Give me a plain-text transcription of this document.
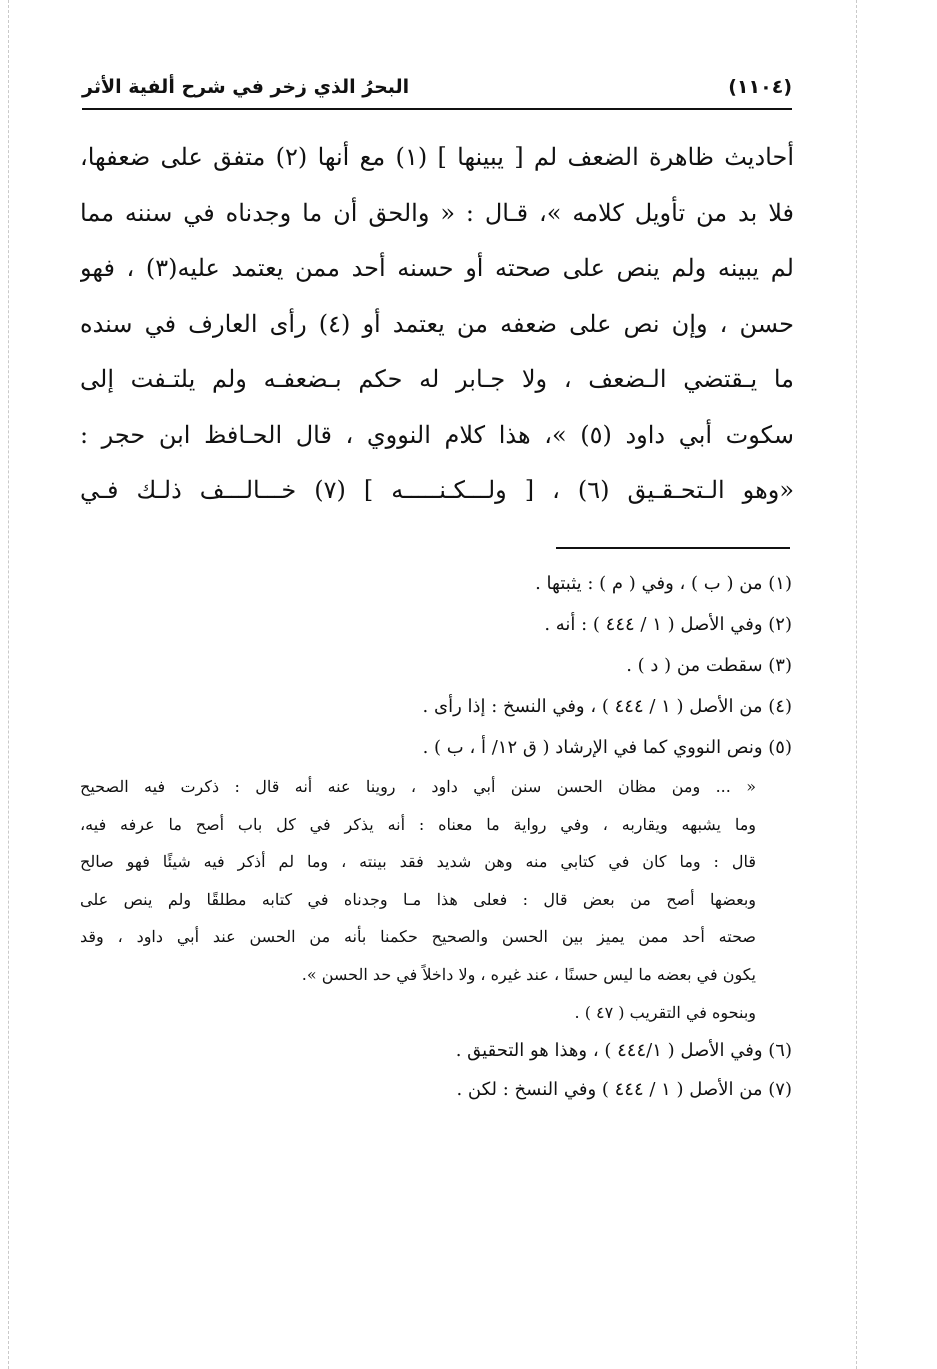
البحرُ الذي زخر في شرح ألفية الأثر	(١١٠٤)
أحاديث ظاهرة الضعف لم [ يبينها ] (١) مع أنها (٢) متفق على ضعفها،
فلا بد من تأويل كلامه »، قـال : « والحق أن ما وجدناه في سننه مما
لم يبينه ولم ينص على صحته أو حسنه أحد ممن يعتمد عليه(٣) ، فهو
حسن ، وإن نص على ضعفه من يعتمد أو (٤) رأى العارف في سنده
ما يـقتضي الـضعف ، ولا جـابر له حكم بـضعفـه ولم يلتـفت إلى
سكوت أبي داود (٥) »، هذا كلام النووي ، قال الحـافظ ابن حجر :
«وهو الـتحـقـيق (٦) ، [ ولـــكـنـــــه ] (٧) خـــالـــف ذلـك فـي
(١) من ( ب ) ، وفي ( م ) : يثبتها .
(٢) وفي الأصل ( ١ / ٤٤٤ ) : أنه .
(٣) سقطت من ( د ) .
(٤) من الأصل ( ١ / ٤٤٤ ) ، وفي النسخ : إذا رأى .
(٥) ونص النووي كما في الإرشاد ( ق ١٢/ أ ، ب ) .
« ... ومن مظان الحسن سنن أبي داود ، روينا عنه أنه قال : ذكرت فيه الصحيح
وما يشبهه ويقاربه ، وفي رواية ما معناه : أنه يذكر في كل باب أصح ما عرفه فيه،
قال : وما كان في كتابي منه وهن شديد فقد بينته ، وما لم أذكر فيه شيئًا فهو صالح
وبعضها أصح من بعض قال : فعلى هذا مـا وجدناه في كتابه مطلقًا ولم ينص على
صحته أحد ممن يميز بين الحسن والصحيح حكمنا بأنه من الحسن عند أبي داود ، وقد
يكون في بعضه ما ليس حسنًا ، عند غيره ، ولا داخلاً في حد الحسن ».
وبنحوه في التقريب ( ٤٧ ) .
(٦) وفي الأصل ( ٤٤٤/١ ) ، وهذا هو التحقيق .
(٧) من الأصل ( ١ / ٤٤٤ ) وفي النسخ : لكن .
